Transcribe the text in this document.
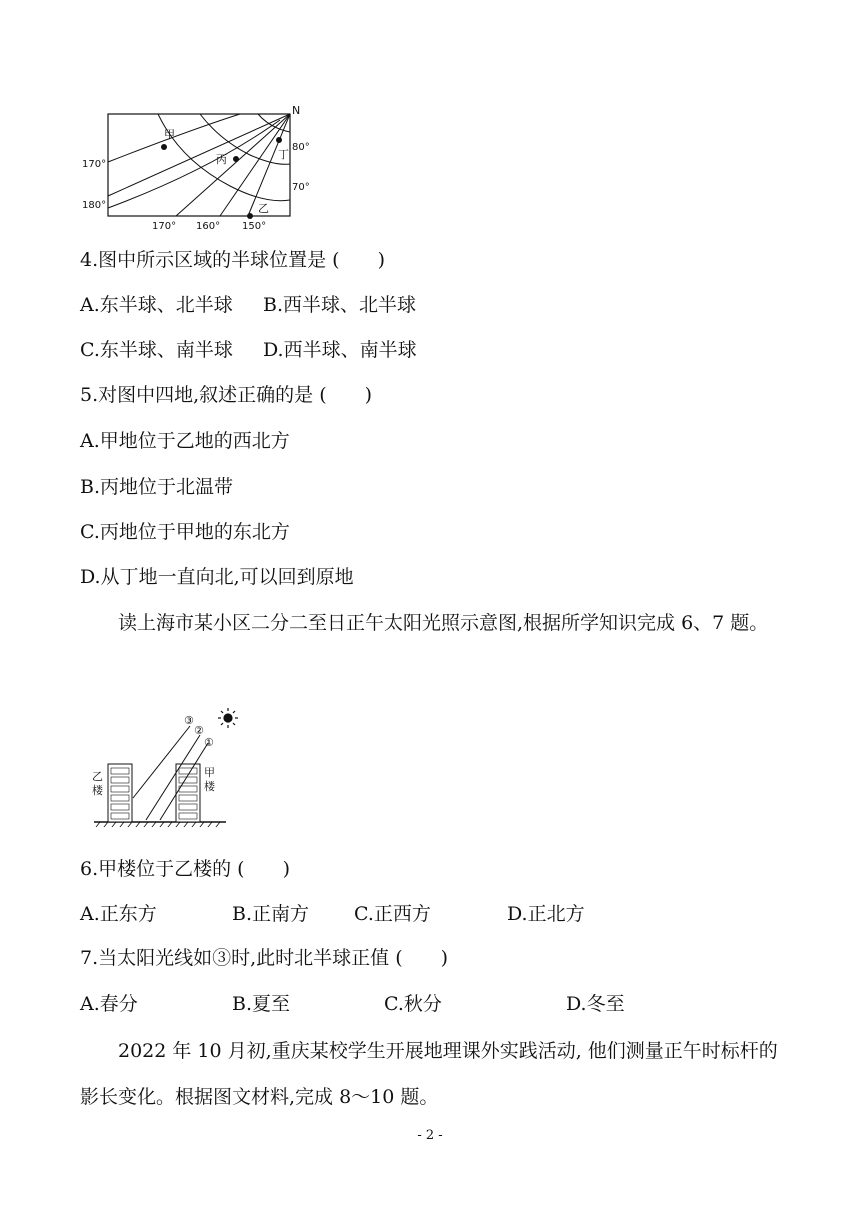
甲
乙
丙	丁
N
170°
180°
80°
70°
170° 160° 150°
4.图中所示区域的半球位置是 (　　)
A.东半球、北半球 B.西半球、北半球
C.东半球、南半球 D.西半球、南半球
5.对图中四地,叙述正确的是 (　　)
A.甲地位于乙地的西北方
B.丙地位于北温带
C.丙地位于甲地的东北方
D.从丁地一直向北,可以回到原地
读上海市某小区二分二至日正午太阳光照示意图,根据所学知识完成 6、7 题。
③
②
①
乙
楼
甲
楼
6.甲楼位于乙楼的 (　　)
A.正东方	B.正南方 C.正西方	D.正北方
7.当太阳光线如③时,此时北半球正值 (　　)
A.春分	B.夏至	C.秋分	D.冬至
2022 年 10 月初,重庆某校学生开展地理课外实践活动, 他们测量正午时标杆的影长变化。根据图文材料,完成 8～10 题。
- 2 -
